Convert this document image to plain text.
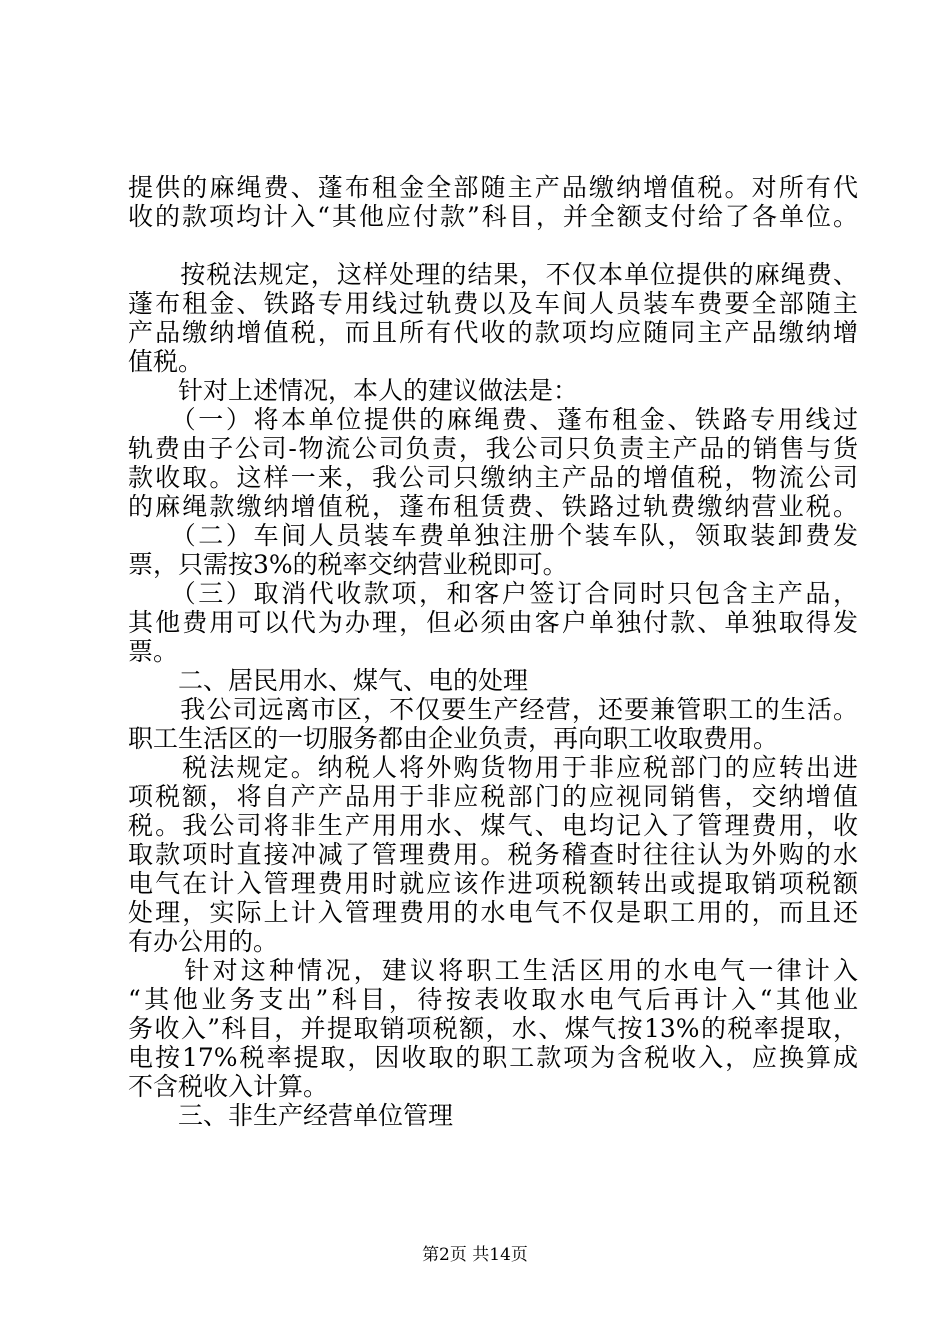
提供的麻绳费、蓬布租金全部随主产品缴纳增值税。对所有代
收的款项均计入“其他应付款”科目，并全额支付给了各单位。
　　按税法规定，这样处理的结果，不仅本单位提供的麻绳费、
蓬布租金、铁路专用线过轨费以及车间人员装车费要全部随主
产品缴纳增值税，而且所有代收的款项均应随同主产品缴纳增
值税。
　　针对上述情况，本人的建议做法是：
　　（一）将本单位提供的麻绳费、蓬布租金、铁路专用线过
轨费由子公司-物流公司负责，我公司只负责主产品的销售与货
款收取。这样一来，我公司只缴纳主产品的增值税，物流公司
的麻绳款缴纳增值税，蓬布租赁费、铁路过轨费缴纳营业税。
　　（二）车间人员装车费单独注册个装车队，领取装卸费发
票，只需按3%的税率交纳营业税即可。
　　（三）取消代收款项，和客户签订合同时只包含主产品，
其他费用可以代为办理，但必须由客户单独付款、单独取得发
票。
　　二、居民用水、煤气、电的处理
　　我公司远离市区，不仅要生产经营，还要兼管职工的生活。
职工生活区的一切服务都由企业负责，再向职工收取费用。
　　税法规定。纳税人将外购货物用于非应税部门的应转出进
项税额，将自产产品用于非应税部门的应视同销售，交纳增值
税。我公司将非生产用用水、煤气、电均记入了管理费用，收
取款项时直接冲减了管理费用。税务稽查时往往认为外购的水
电气在计入管理费用时就应该作进项税额转出或提取销项税额
处理，实际上计入管理费用的水电气不仅是职工用的，而且还
有办公用的。
　　针对这种情况，建议将职工生活区用的水电气一律计入
“其他业务支出”科目，待按表收取水电气后再计入“其他业
务收入”科目，并提取销项税额，水、煤气按13%的税率提取，
电按17%税率提取，因收取的职工款项为含税收入，应换算成
不含税收入计算。
　　三、非生产经营单位管理
第2页 共14页
